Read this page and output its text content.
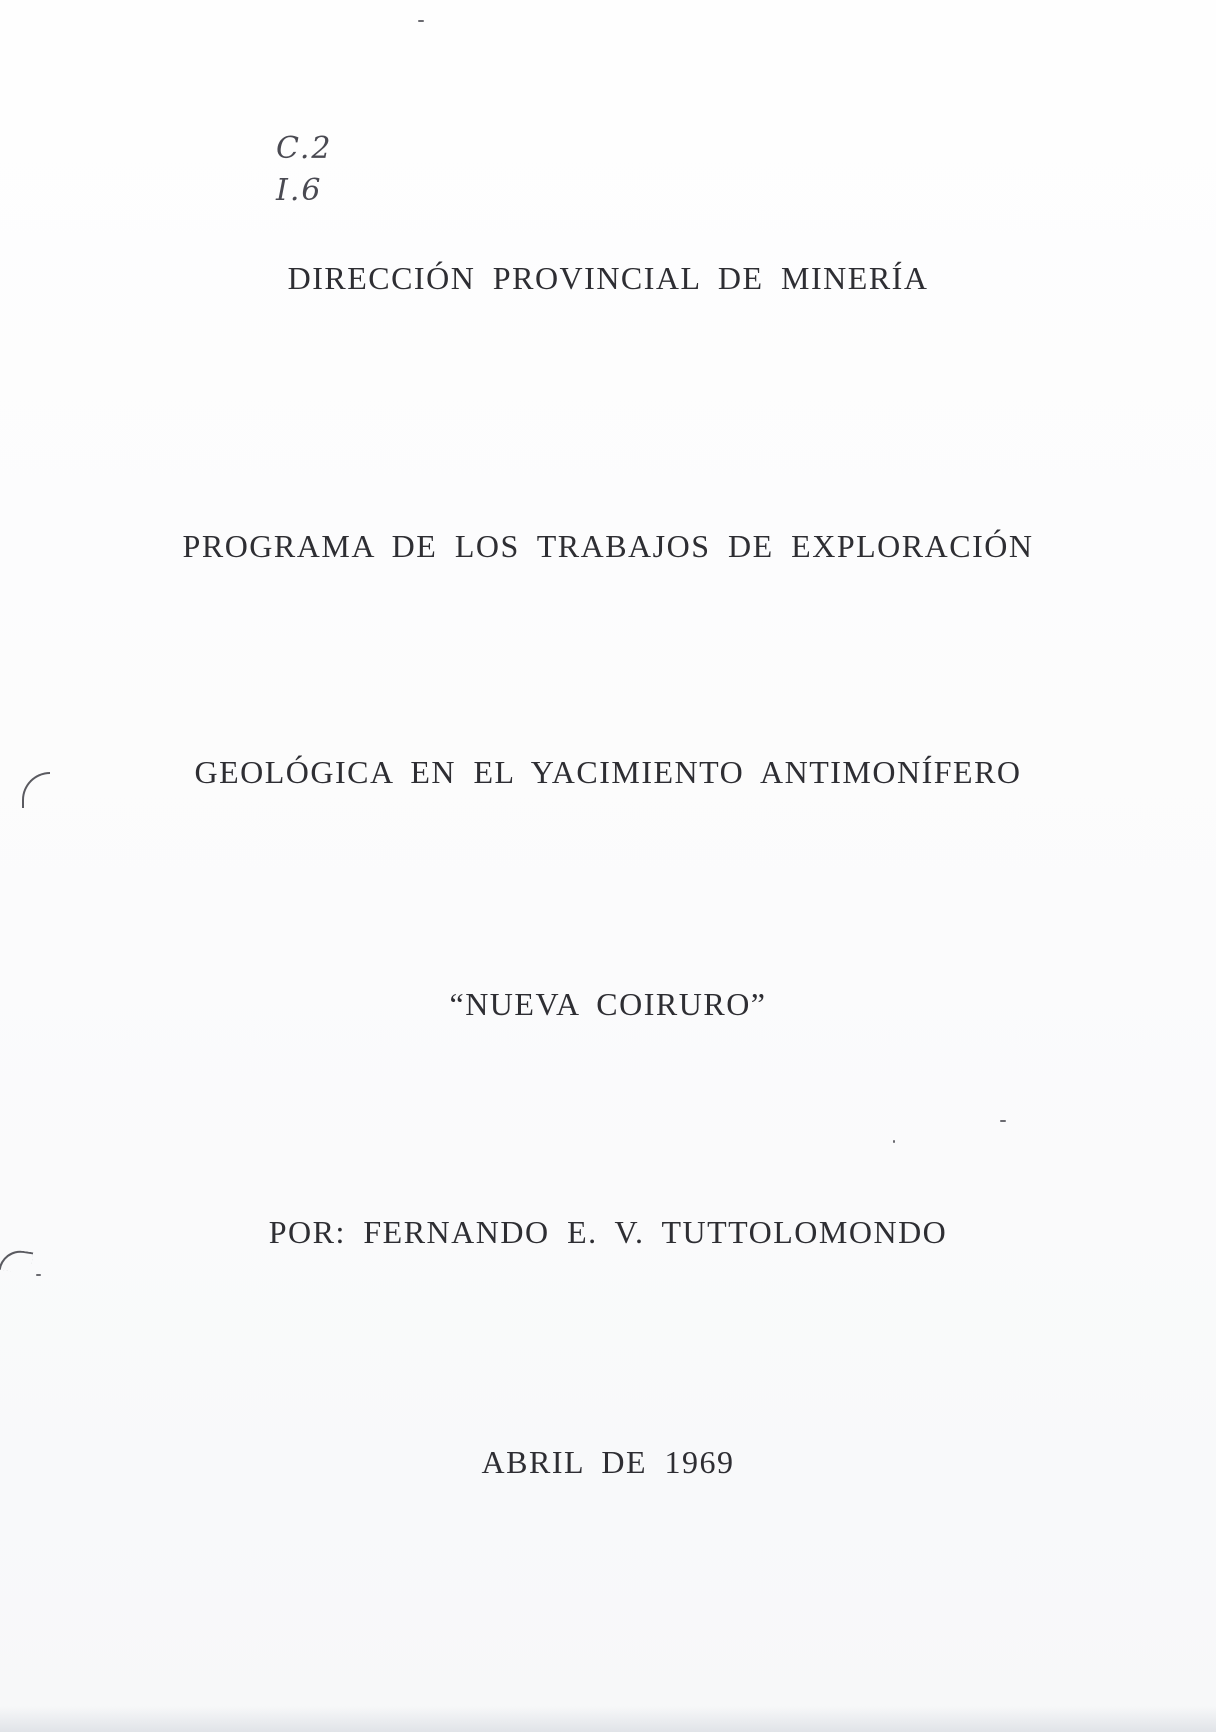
C.2
I.6
DIRECCIÓN PROVINCIAL DE MINERÍA
PROGRAMA DE LOS TRABAJOS DE EXPLORACIÓN
GEOLÓGICA EN EL YACIMIENTO ANTIMONÍFERO
“NUEVA COIRURO”
POR: FERNANDO E. V. TUTTOLOMONDO
ABRIL DE 1969
